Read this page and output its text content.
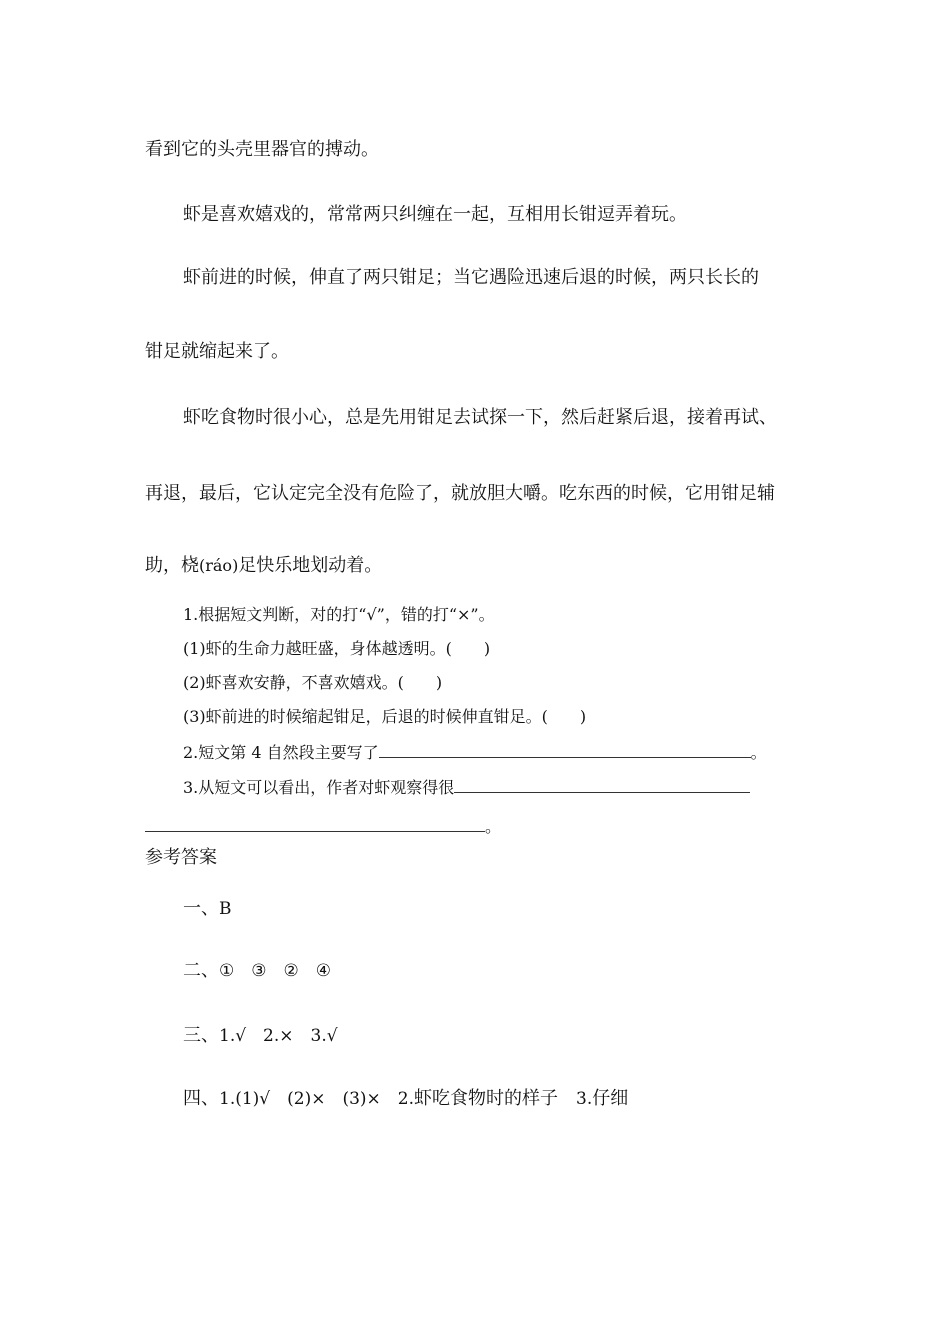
看到它的头壳里器官的搏动。
虾是喜欢嬉戏的，常常两只纠缠在一起，互相用长钳逗弄着玩。
虾前进的时候，伸直了两只钳足；当它遇险迅速后退的时候，两只长长的
钳足就缩起来了。
虾吃食物时很小心，总是先用钳足去试探一下，然后赶紧后退，接着再试、
再退，最后，它认定完全没有危险了，就放胆大嚼。吃东西的时候，它用钳足辅
助，桡(ráo)足快乐地划动着。
1.根据短文判断，对的打“√”，错的打“×”。
(1)虾的生命力越旺盛，身体越透明。(　　)
(2)虾喜欢安静，不喜欢嬉戏。(　　)
(3)虾前进的时候缩起钳足，后退的时候伸直钳足。(　　)
2.短文第 4 自然段主要写了	。
3.从短文可以看出，作者对虾观察得很
。
参考答案
一、B
二、①　③　②　④
三、1.√　2.×　3.√
四、1.(1)√　(2)×　(3)×　2.虾吃食物时的样子 3.仔细
